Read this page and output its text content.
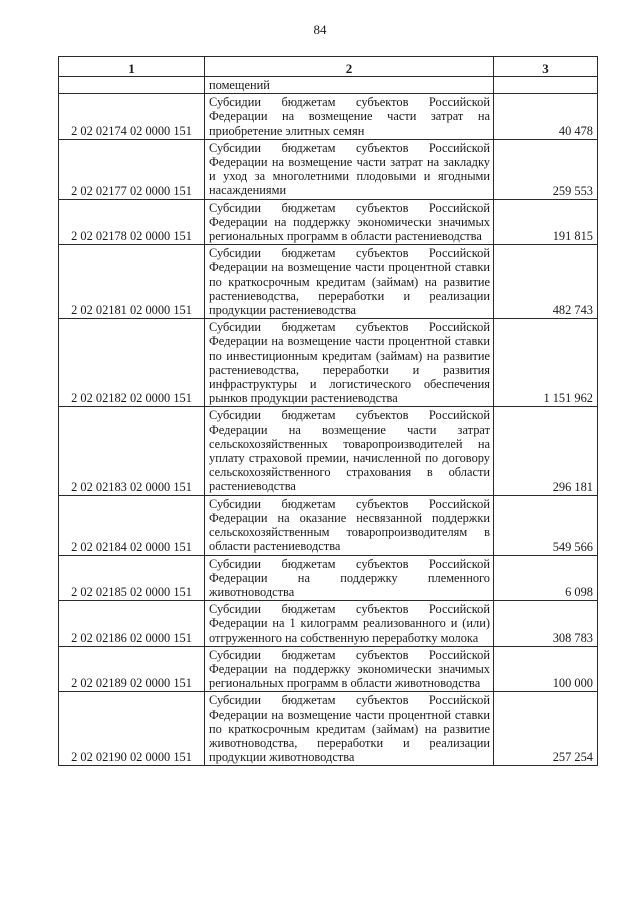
84
1	2	3
	помещений	
2 02 02174 02 0000 151	Субсидии бюджетам субъектов Российской Федерации на возмещение части затрат на приобретение элитных семян	40 478
2 02 02177 02 0000 151	Субсидии бюджетам субъектов Российской Федерации на возмещение части затрат на закладку и уход за многолетними плодовыми и ягодными насаждениями	259 553
2 02 02178 02 0000 151	Субсидии бюджетам субъектов Российской Федерации на поддержку экономически значимых региональных программ в области растениеводства	191 815
2 02 02181 02 0000 151	Субсидии бюджетам субъектов Российской Федерации на возмещение части процентной ставки по краткосрочным кредитам (займам) на развитие растениеводства, переработки и реализации продукции растениеводства	482 743
2 02 02182 02 0000 151	Субсидии бюджетам субъектов Российской Федерации на возмещение части процентной ставки по инвестиционным кредитам (займам) на развитие растениеводства, переработки и развития инфраструктуры и логистического обеспечения рынков продукции растениеводства	1 151 962
2 02 02183 02 0000 151	Субсидии бюджетам субъектов Российской Федерации на возмещение части затрат сельскохозяйственных товаропроизводителей на уплату страховой премии, начисленной по договору сельскохозяйственного страхования в области растениеводства	296 181
2 02 02184 02 0000 151	Субсидии бюджетам субъектов Российской Федерации на оказание несвязанной поддержки сельскохозяйственным товаропроизводителям в области растениеводства	549 566
2 02 02185 02 0000 151	Субсидии бюджетам субъектов Российской Федерации на поддержку племенного животноводства	6 098
2 02 02186 02 0000 151	Субсидии бюджетам субъектов Российской Федерации на 1 килограмм реализованного и (или) отгруженного на собственную переработку молока	308 783
2 02 02189 02 0000 151	Субсидии бюджетам субъектов Российской Федерации на поддержку экономически значимых региональных программ в области животноводства	100 000
2 02 02190 02 0000 151	Субсидии бюджетам субъектов Российской Федерации на возмещение части процентной ставки по краткосрочным кредитам (займам) на развитие животноводства, переработки и реализации продукции животноводства	257 254
